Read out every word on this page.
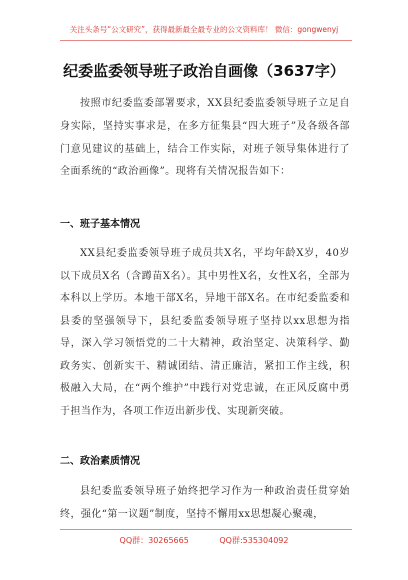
关注头条号“公文研究”，获得最新最全最专业的公文资料库！ 微信：gongwenyj
纪委监委领导班子政治自画像（3637字）

按照市纪委监委部署要求，XX县纪委监委领导班子立足自身实际，坚持实事求是，在多方征集县“四大班子”及各级各部门意见建议的基础上，结合工作实际，对班子领导集体进行了全面系统的“政治画像”。现将有关情况报告如下：

一、班子基本情况

XX县纪委监委领导班子成员共X名，平均年龄X岁，40岁以下成员X名（含蹲苗X名）。其中男性X名，女性X名，全部为本科以上学历。本地干部X名，异地干部X名。在市纪委监委和县委的坚强领导下，县纪委监委领导班子坚持以xx思想为指导，深入学习领悟党的二十大精神，政治坚定、决策科学、勤政务实、创新实干、精诚团结、清正廉洁，紧扣工作主线，积极融入大局，在“两个维护”中践行对党忠诚，在正风反腐中勇于担当作为，各项工作迈出新步伐、实现新突破。

二、政治素质情况

县纪委监委领导班子始终把学习作为一种政治责任贯穿始终，强化“第一议题”制度，坚持不懈用xx思想凝心聚魂，

QQ群：30265665	QQ群:535304092
